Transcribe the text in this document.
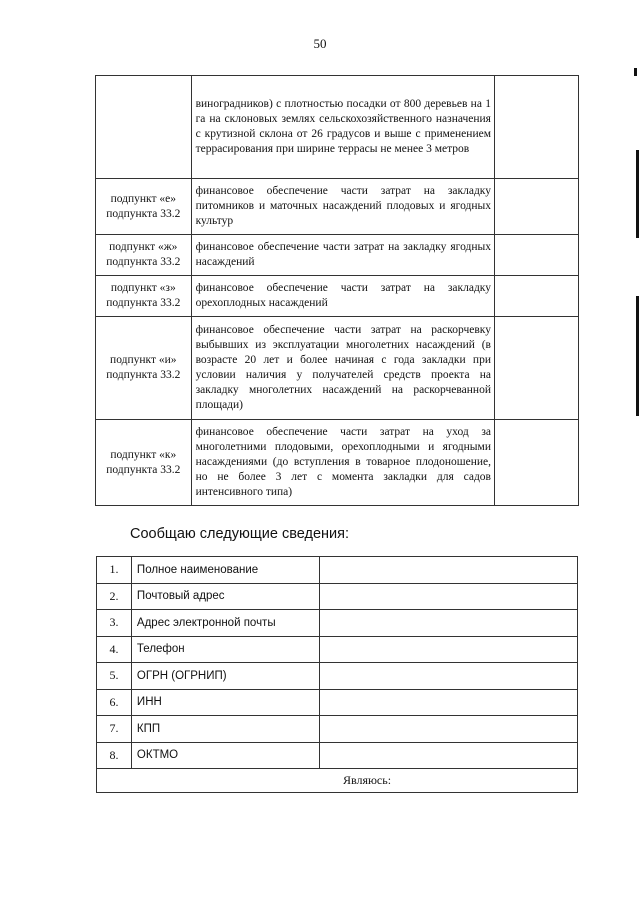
50
	виноградников) с плотностью посадки от 800 деревьев на 1 га на склоновых землях сельскохозяйственного назначения с крутизной склона от 26 градусов и выше с применением террасирования при ширине террасы не менее 3 метров	
подпункт «е» подпункта 33.2	финансовое обеспечение части затрат на закладку питомников и маточных насаждений плодовых и ягодных культур	
подпункт «ж» подпункта 33.2	финансовое обеспечение части затрат на закладку ягодных насаждений	
подпункт «з» подпункта 33.2	финансовое обеспечение части затрат на закладку орехоплодных насаждений	
подпункт «и» подпункта 33.2	финансовое обеспечение части затрат на раскорчевку выбывших из эксплуатации многолетних насаждений (в возрасте 20 лет и более начиная с года закладки при условии наличия у получателей средств проекта на закладку многолетних насаждений на раскорчеванной площади)	
подпункт «к» подпункта 33.2	финансовое обеспечение части затрат на уход за многолетними плодовыми, орехоплодными и ягодными насаждениями (до вступления в товарное плодоношение, но не более 3 лет с момента закладки для садов интенсивного типа)	
Сообщаю следующие сведения:
1.	Полное наименование	
2.	Почтовый адрес	
3.	Адрес электронной почты	
4.	Телефон	
5.	ОГРН (ОГРНИП)	
6.	ИНН	
7.	КПП	
8.	ОКТМО	
Являюсь:		
